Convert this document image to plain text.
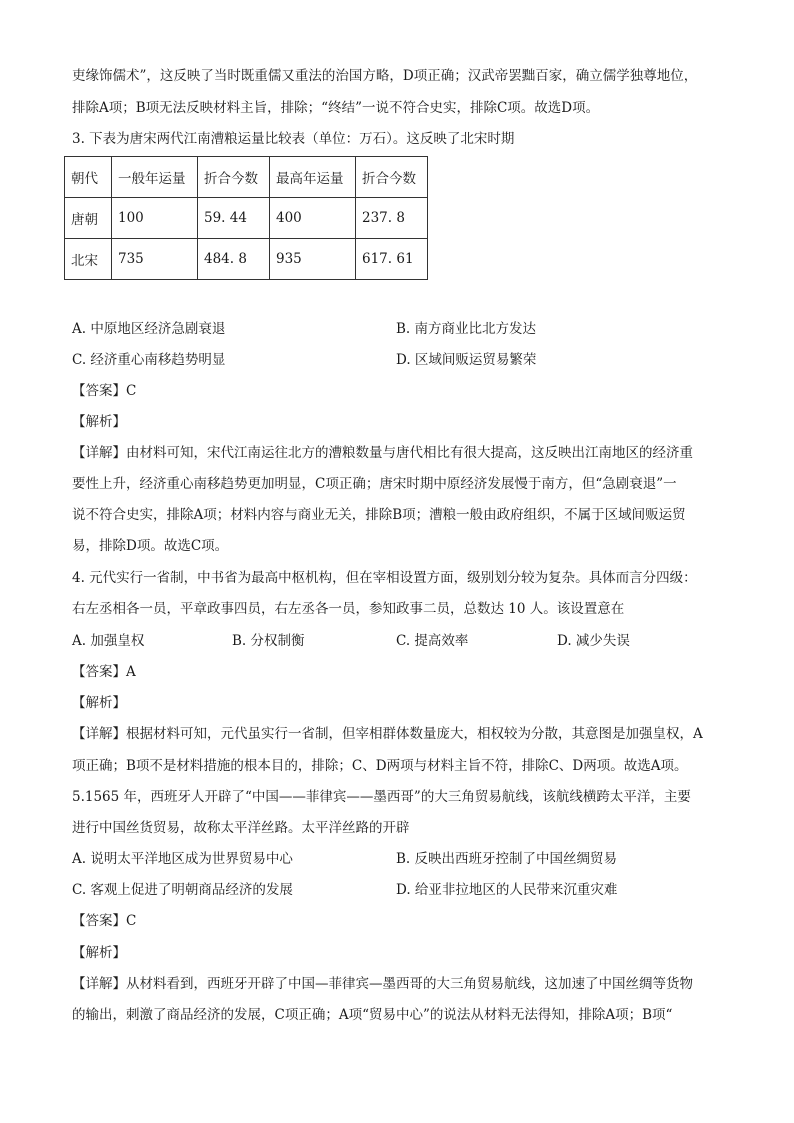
吏缘饰儒术”，这反映了当时既重儒又重法的治国方略，D项正确；汉武帝罢黜百家，确立儒学独尊地位，
排除A项；B项无法反映材料主旨，排除；“终结”一说不符合史实，排除C项。故选D项。
3. 下表为唐宋两代江南漕粮运量比较表（单位：万石）。这反映了北宋时期
朝代	一般年运量	折合今数	最高年运量	折合今数
唐朝	100	59. 44	400	237. 8
北宋	735	484. 8	935	617. 61
A. 中原地区经济急剧衰退	B. 南方商业比北方发达
C. 经济重心南移趋势明显	D. 区域间贩运贸易繁荣
【答案】C
【解析】
【详解】由材料可知，宋代江南运往北方的漕粮数量与唐代相比有很大提高，这反映出江南地区的经济重
要性上升，经济重心南移趋势更加明显，C项正确；唐宋时期中原经济发展慢于南方，但“急剧衰退”一
说不符合史实，排除A项；材料内容与商业无关，排除B项；漕粮一般由政府组织，不属于区域间贩运贸
易，排除D项。故选C项。
4. 元代实行一省制，中书省为最高中枢机构，但在宰相设置方面，级别划分较为复杂。具体而言分四级：
右左丞相各一员，平章政事四员，右左丞各一员，参知政事二员，总数达 10 人。该设置意在
A. 加强皇权	B. 分权制衡	C. 提高效率	D. 减少失误
【答案】A
【解析】
【详解】根据材料可知，元代虽实行一省制，但宰相群体数量庞大，相权较为分散，其意图是加强皇权，A
项正确；B项不是材料措施的根本目的，排除；C、D两项与材料主旨不符，排除C、D两项。故选A项。
5.1565 年，西班牙人开辟了“中国——菲律宾——墨西哥”的大三角贸易航线，该航线横跨太平洋，主要
进行中国丝货贸易，故称太平洋丝路。太平洋丝路的开辟
A. 说明太平洋地区成为世界贸易中心	B. 反映出西班牙控制了中国丝绸贸易
C. 客观上促进了明朝商品经济的发展	D. 给亚非拉地区的人民带来沉重灾难
【答案】C
【解析】
【详解】从材料看到，西班牙开辟了中国—菲律宾—墨西哥的大三角贸易航线，这加速了中国丝绸等货物
的输出，刺激了商品经济的发展，C项正确；A项“贸易中心”的说法从材料无法得知，排除A项；B项“
